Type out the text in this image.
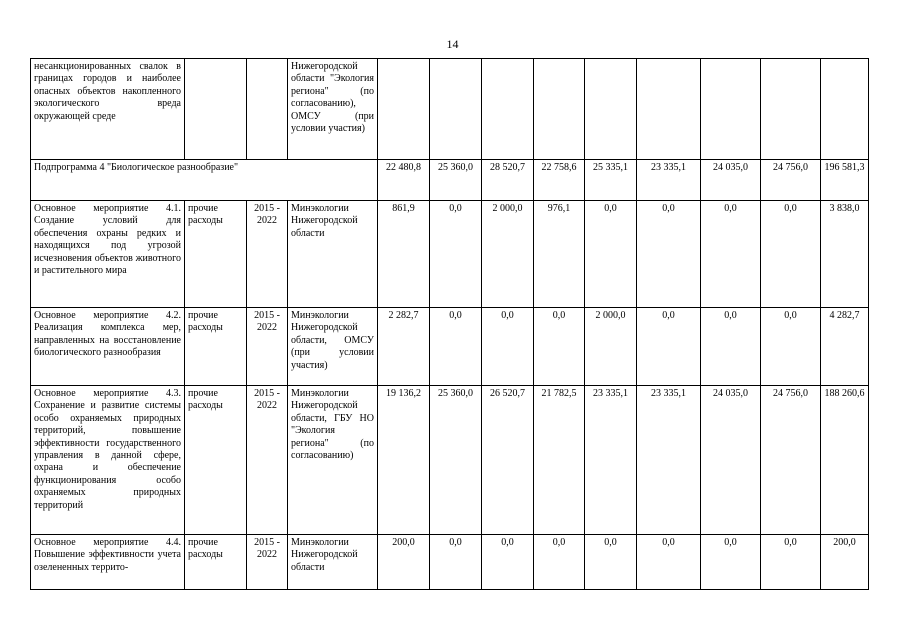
14
несанкционированных свалок в границах городов и наиболее опасных объектов накопленного экологического вреда окружающей среде			Нижегородской области "Экология региона" (по согласованию), ОМСУ (при условии участия)									
Подпрограмма 4 "Биологическое разнообразие"				22 480,8	25 360,0	28 520,7	22 758,6	25 335,1	23 335,1	24 035,0	24 756,0	196 581,3
Основное мероприятие 4.1. Создание условий для обеспечения охраны редких и находящихся под угрозой исчезновения объектов животного и растительного мира	прочие расходы	2015 - 2022	Минэкологии Нижегородской области	861,9	0,0	2 000,0	976,1	0,0	0,0	0,0	0,0	3 838,0
Основное мероприятие 4.2. Реализация комплекса мер, направленных на восстановление биологического разнообразия	прочие расходы	2015 - 2022	Минэкологии Нижегородской области, ОМСУ (при условии участия)	2 282,7	0,0	0,0	0,0	2 000,0	0,0	0,0	0,0	4 282,7
Основное мероприятие 4.3. Сохранение и развитие системы особо охраняемых природных территорий, повышение эффективности государственного управления в данной сфере, охрана и обеспечение функционирования особо охраняемых природных территорий	прочие расходы	2015 - 2022	Минэкологии Нижегородской области, ГБУ НО "Экология региона" (по согласованию)	19 136,2	25 360,0	26 520,7	21 782,5	23 335,1	23 335,1	24 035,0	24 756,0	188 260,6
Основное мероприятие 4.4. Повышение эффективности учета озелененных террито-	прочие расходы	2015 - 2022	Минэкологии Нижегородской области	200,0	0,0	0,0	0,0	0,0	0,0	0,0	0,0	200,0
